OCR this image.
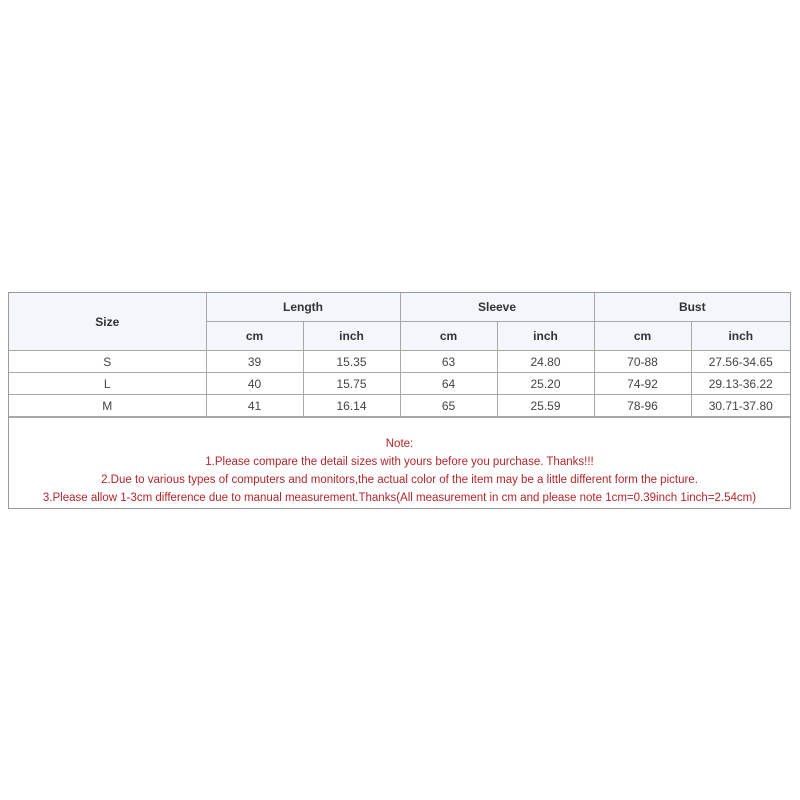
Size	Length		Sleeve		Bust	
	cm	inch	cm	inch	cm	inch
S	39	15.35	63	24.80	70-88	27.56-34.65
L	40	15.75	64	25.20	74-92	29.13-36.22
M	41	16.14	65	25.59	78-96	30.71-37.80
Note:
1.Please compare the detail sizes with yours before you purchase. Thanks!!!
2.Due to various types of computers and monitors,the actual color of the item may be a little different form the picture.
3.Please allow 1-3cm difference due to manual measurement.Thanks(All measurement in cm and please note 1cm=0.39inch 1inch=2.54cm)
